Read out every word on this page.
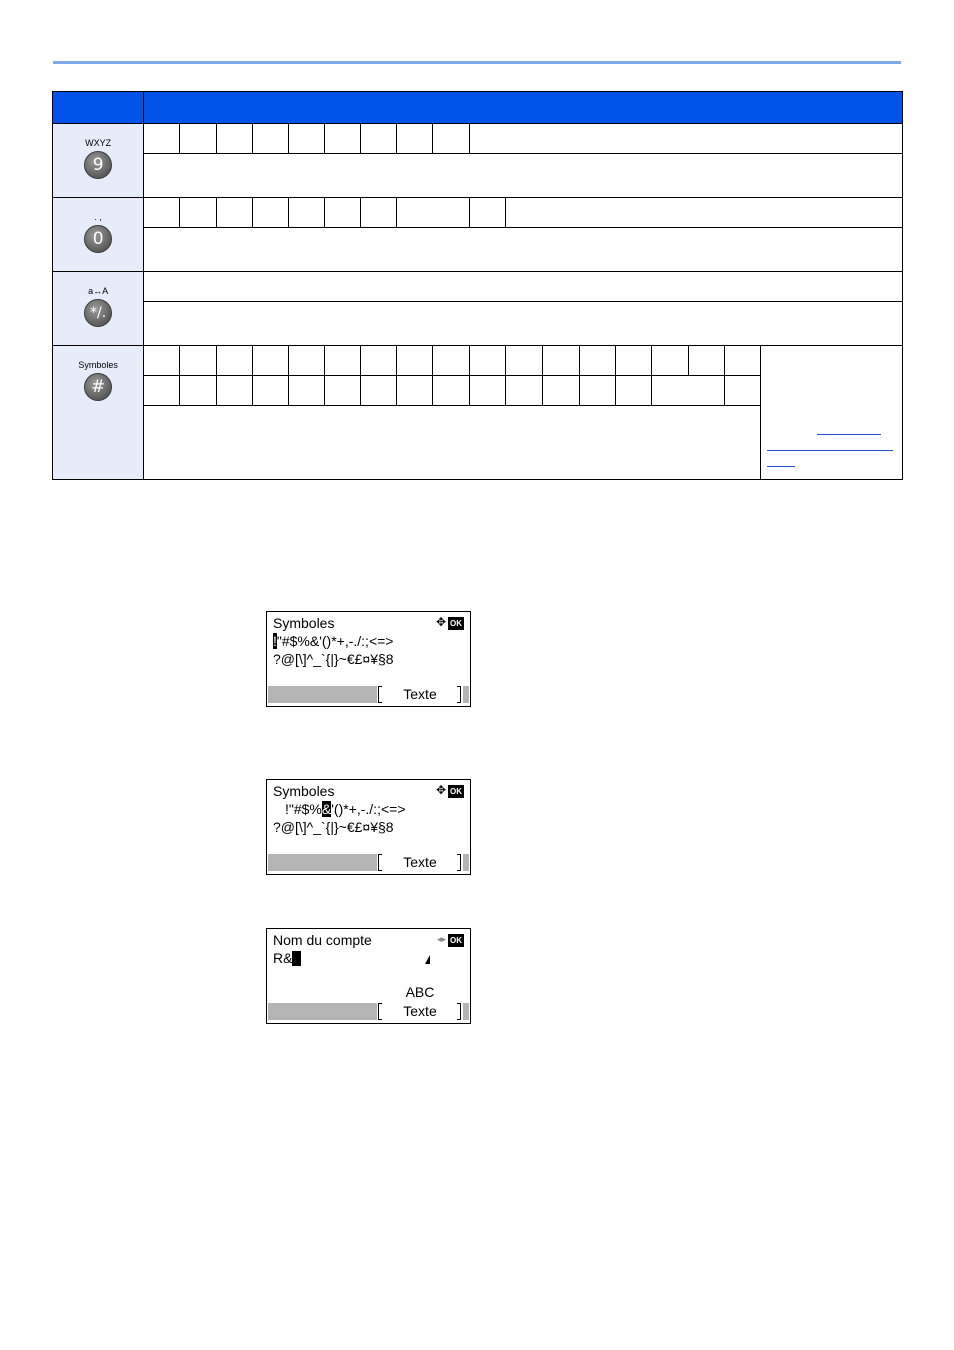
WXYZ
9																		

. ,
0																		

a↔A
*/.																		

Symboles
#																		

Symboles	✥ OK
!"#$%&'()*+,-./:;<=>
?@[\]^_`{|}~€£¤¥§8
Texte
Symboles	✥ OK
!"#$%&'()*+,-./:;<=>
?@[\]^_`{|}~€£¤¥§8
Texte
Nom du compte	◂▸ OK
R&
ABC
Texte
